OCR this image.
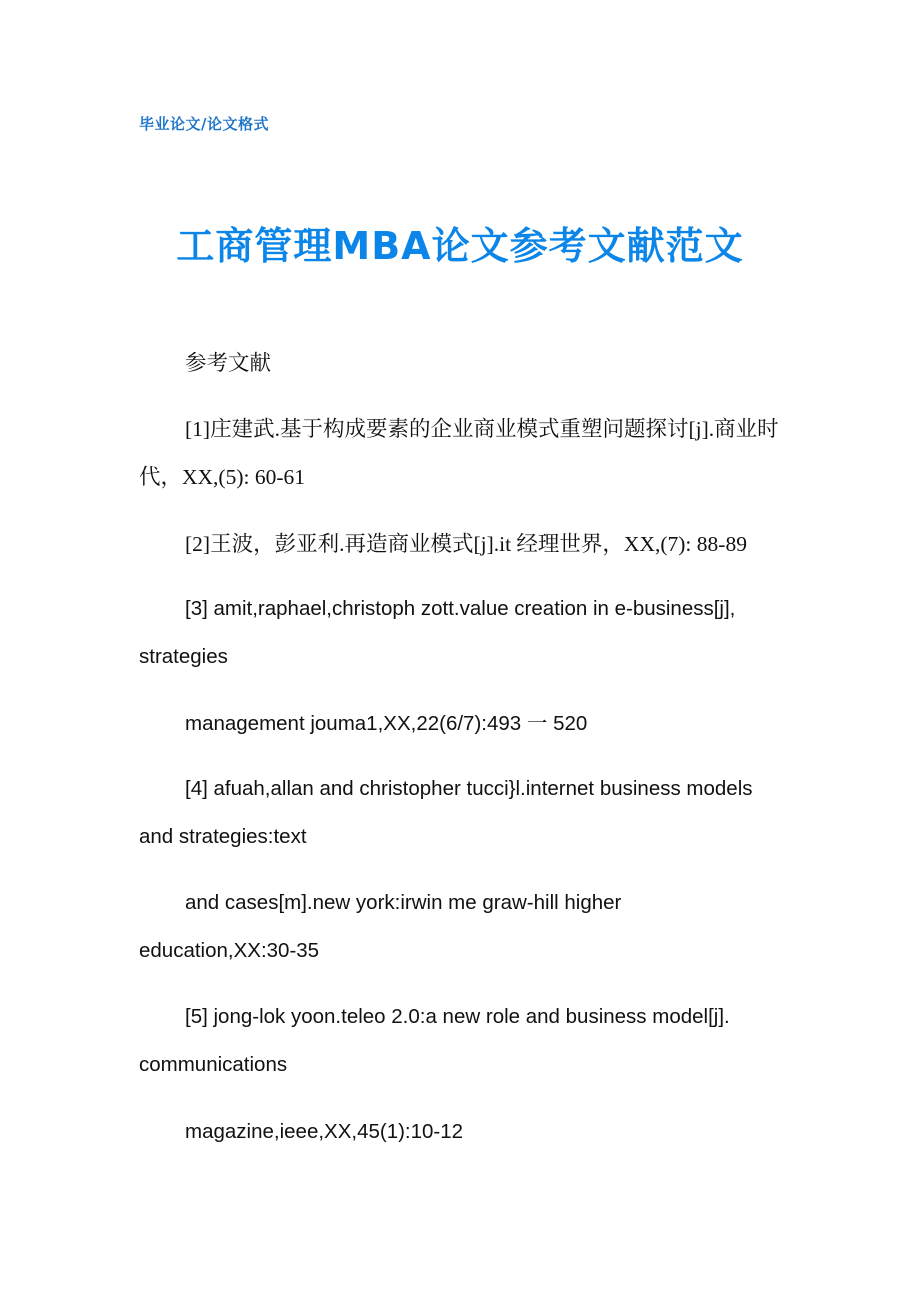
毕业论文/论文格式
工商管理MBA论文参考文献范文

参考文献

[1]庄建武.基于构成要素的企业商业模式重塑问题探讨[j].商业时代，XX,(5): 60-61

[2]王波，彭亚利.再造商业模式[j].it 经理世界，XX,(7): 88-89

[3] amit,raphael,christoph zott.value creation in e-business[j], strategies

management jouma1,XX,22(6/7):493 一 520

[4] afuah,allan and christopher tucci}l.internet business models and strategies:text

and cases[m].new york:irwin me graw-hill higher education,XX:30-35

[5] jong-lok yoon.teleo 2.0:a new role and business model[j]. communications

magazine,ieee,XX,45(1):10-12
